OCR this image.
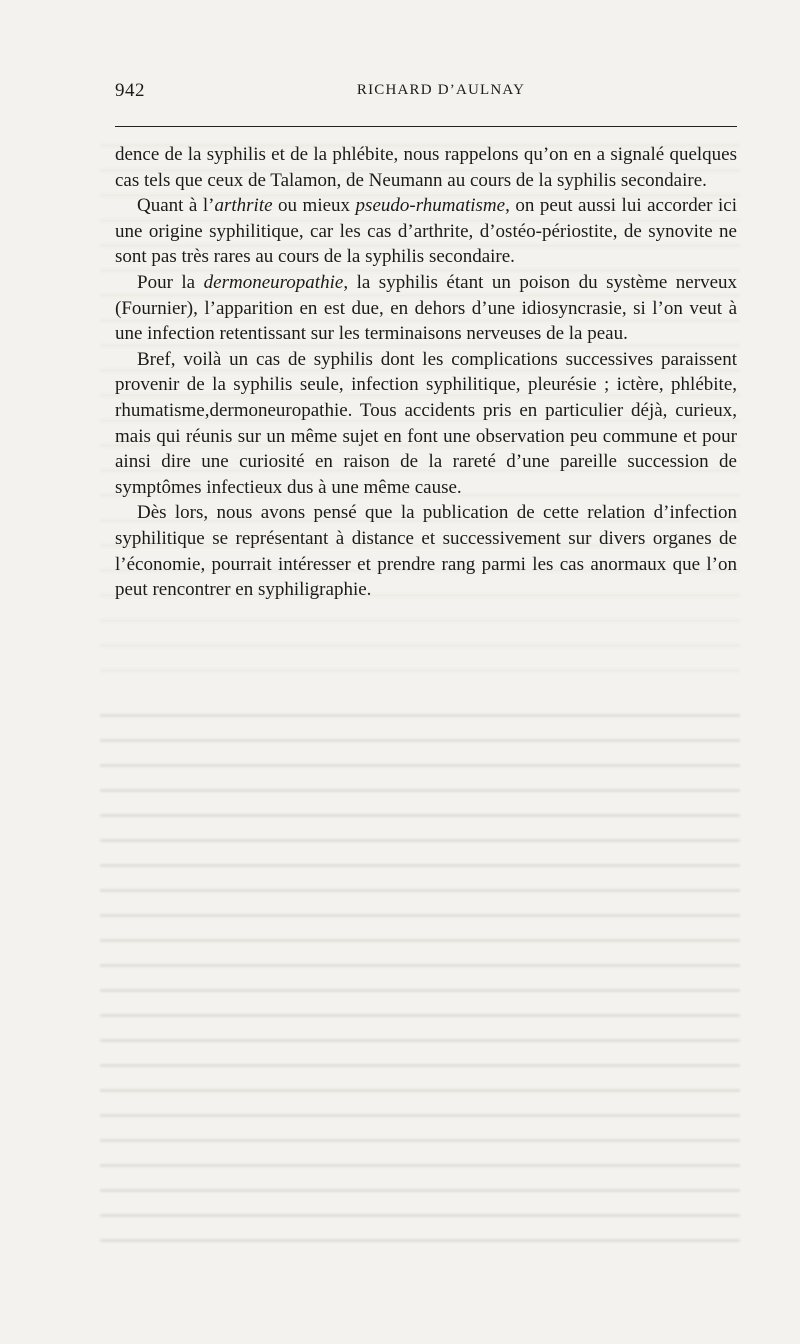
942	RICHARD D’AULNAY

dence de la syphilis et de la phlébite, nous rappelons qu’on en a signalé quelques cas tels que ceux de Talamon, de Neumann au cours de la syphilis secondaire.

Quant à l’arthrite ou mieux pseudo-rhumatisme, on peut aussi lui accorder ici une origine syphilitique, car les cas d’arthrite, d’ostéo-périostite, de synovite ne sont pas très rares au cours de la syphilis secondaire.

Pour la dermoneuropathie, la syphilis étant un poison du système nerveux (Fournier), l’apparition en est due, en dehors d’une idiosyncrasie, si l’on veut à une infection retentissant sur les terminaisons nerveuses de la peau.

Bref, voilà un cas de syphilis dont les complications successives paraissent provenir de la syphilis seule, infection syphilitique, pleurésie ; ictère, phlébite, rhumatisme,dermoneuropathie. Tous accidents pris en particulier déjà, curieux, mais qui réunis sur un même sujet en font une observation peu commune et pour ainsi dire une curiosité en raison de la rareté d’une pareille succession de symptômes infectieux dus à une même cause.

Dès lors, nous avons pensé que la publication de cette relation d’infection syphilitique se représentant à distance et successivement sur divers organes de l’économie, pourrait intéresser et prendre rang parmi les cas anormaux que l’on peut rencontrer en syphiligraphie.
